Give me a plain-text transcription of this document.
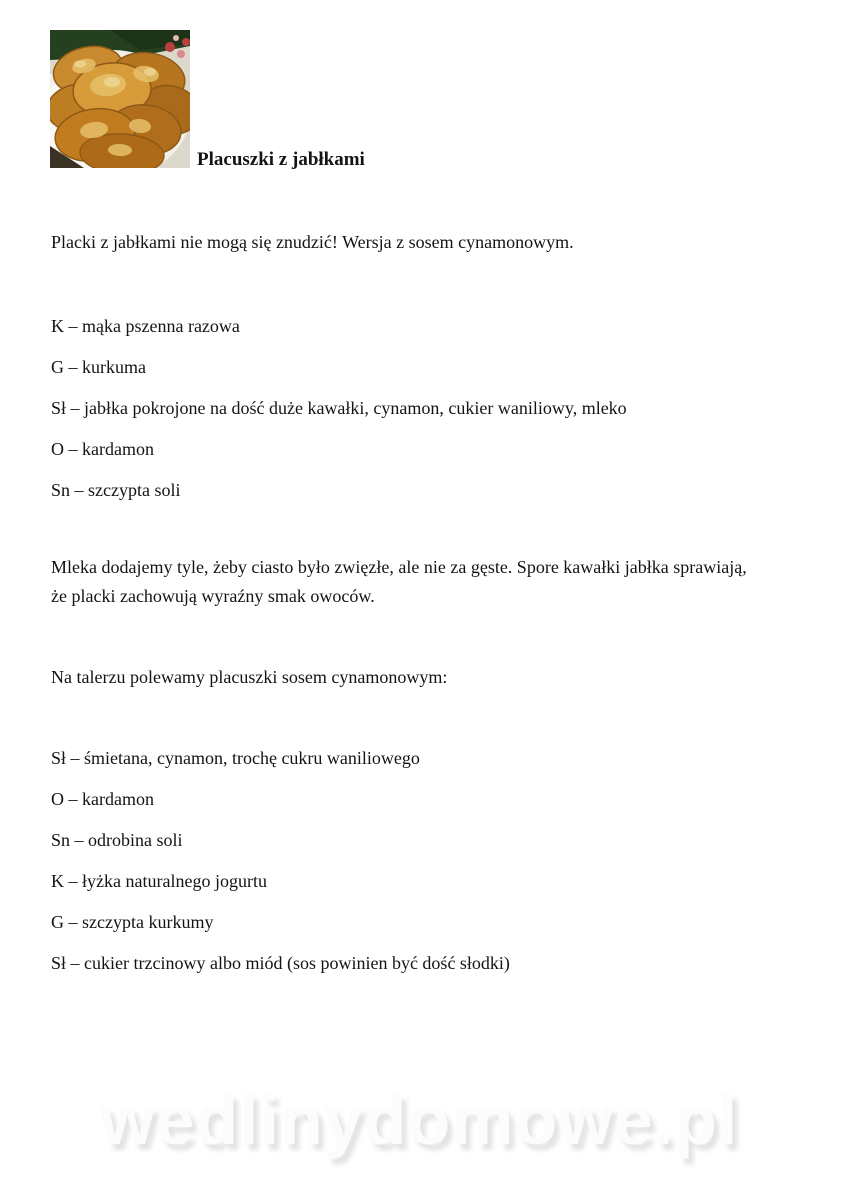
Placuszki z jabłkami

Placki z jabłkami nie mogą się znudzić! Wersja z sosem cynamonowym.

K – mąka pszenna razowa

G – kurkuma

Sł – jabłka pokrojone na dość duże kawałki, cynamon, cukier waniliowy, mleko

O – kardamon

Sn – szczypta soli

Mleka dodajemy tyle, żeby ciasto było zwięzłe, ale nie za gęste. Spore kawałki jabłka sprawiają, że placki zachowują wyraźny smak owoców.

Na talerzu polewamy placuszki sosem cynamonowym:

Sł – śmietana, cynamon, trochę cukru waniliowego

O – kardamon

Sn – odrobina soli

K – łyżka naturalnego jogurtu

G – szczypta kurkumy

Sł – cukier trzcinowy albo miód (sos powinien być dość słodki)

wedlinydomowe.pl
